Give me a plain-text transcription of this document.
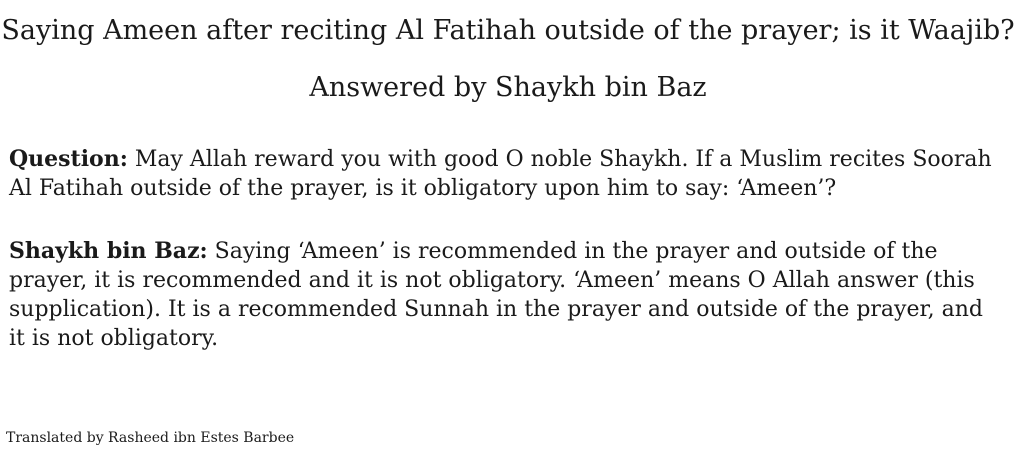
Saying Ameen after reciting Al Fatihah outside of the prayer; is it Waajib?
Answered by Shaykh bin Baz
Question: May Allah reward you with good O noble Shaykh. If a Muslim recites Soorah
Al Fatihah outside of the prayer, is it obligatory upon him to say: ‘Ameen’?
Shaykh bin Baz: Saying ‘Ameen’ is recommended in the prayer and outside of the
prayer, it is recommended and it is not obligatory. ‘Ameen’ means O Allah answer (this
supplication). It is a recommended Sunnah in the prayer and outside of the prayer, and
it is not obligatory.
Translated by Rasheed ibn Estes Barbee
